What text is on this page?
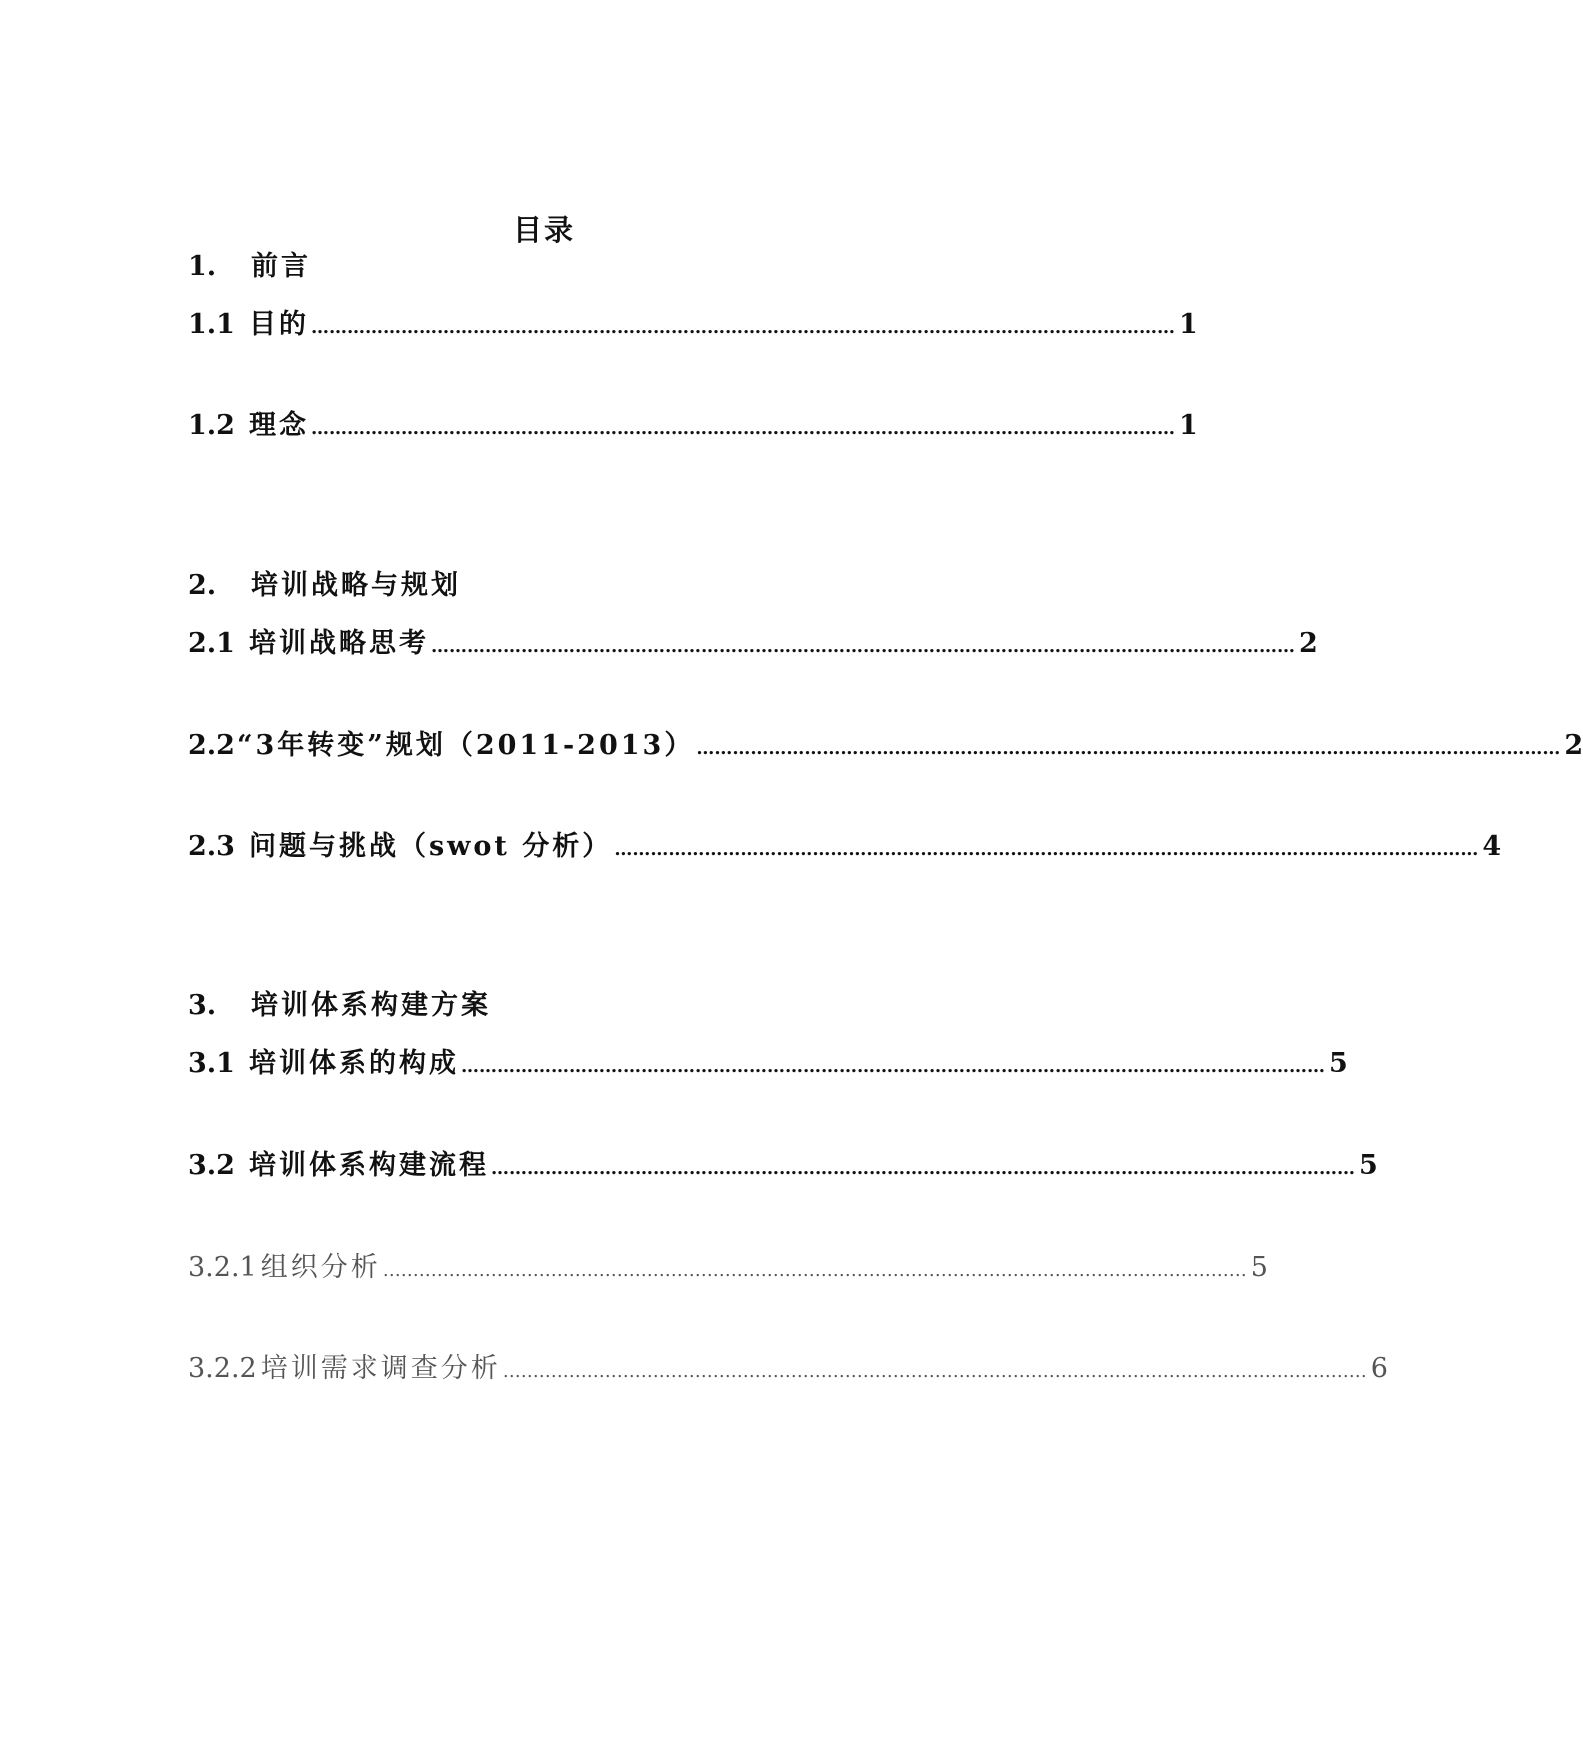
目录
1.	前言
1.1 目的 ……………………………………………………………………………………………………………………………… 1
1.2 理念 ……………………………………………………………………………………………………………………………… 1
2.	培训战略与规划
2.1 培训战略思考 ……………………………………………………………………………………………………………………………… 2
2.2 “3年转变”规划（2011-2013） ……………………………………………………………………………………………………………………………… 2
2.3 问题与挑战（swot 分析） ……………………………………………………………………………………………………………………………… 4
3.	培训体系构建方案
3.1 培训体系的构成 ……………………………………………………………………………………………………………………………… 5
3.2 培训体系构建流程 ……………………………………………………………………………………………………………………………… 5
3.2.1 组织分析 ……………………………………………………………………………………………………………………………… 5
3.2.2 培训需求调查分析 ……………………………………………………………………………………………………………………………… 6
